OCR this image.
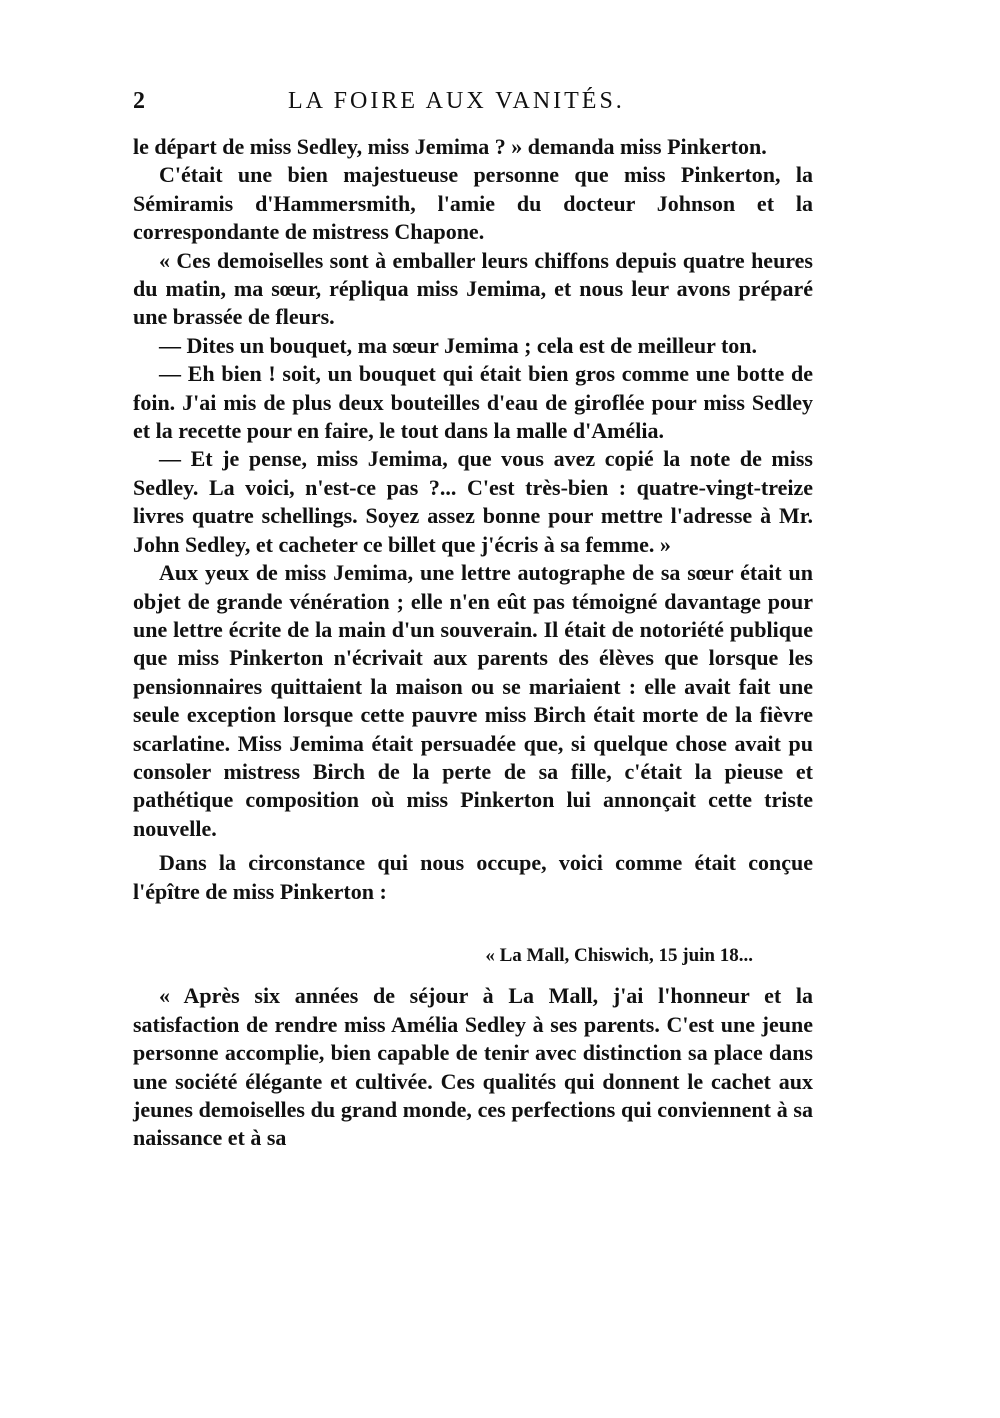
2	LA FOIRE AUX VANITÉS.

le départ de miss Sedley, miss Jemima ? » demanda miss Pinkerton.

C'était une bien majestueuse personne que miss Pinkerton, la Sémiramis d'Hammersmith, l'amie du docteur Johnson et la correspondante de mistress Chapone.

« Ces demoiselles sont à emballer leurs chiffons depuis quatre heures du matin, ma sœur, répliqua miss Jemima, et nous leur avons préparé une brassée de fleurs.

— Dites un bouquet, ma sœur Jemima ; cela est de meilleur ton.

— Eh bien ! soit, un bouquet qui était bien gros comme une botte de foin. J'ai mis de plus deux bouteilles d'eau de giroflée pour miss Sedley et la recette pour en faire, le tout dans la malle d'Amélia.

— Et je pense, miss Jemima, que vous avez copié la note de miss Sedley. La voici, n'est-ce pas ?... C'est très-bien : quatre-vingt-treize livres quatre schellings. Soyez assez bonne pour mettre l'adresse à Mr. John Sedley, et cacheter ce billet que j'écris à sa femme. »

Aux yeux de miss Jemima, une lettre autographe de sa sœur était un objet de grande vénération ; elle n'en eût pas témoigné davantage pour une lettre écrite de la main d'un souverain. Il était de notoriété publique que miss Pinkerton n'écrivait aux parents des élèves que lorsque les pensionnaires quittaient la maison ou se mariaient : elle avait fait une seule exception lorsque cette pauvre miss Birch était morte de la fièvre scarlatine. Miss Jemima était persuadée que, si quelque chose avait pu consoler mistress Birch de la perte de sa fille, c'était la pieuse et pathétique composition où miss Pinkerton lui annonçait cette triste nouvelle.

Dans la circonstance qui nous occupe, voici comme était conçue l'épître de miss Pinkerton :

« La Mall, Chiswich, 15 juin 18...

« Après six années de séjour à La Mall, j'ai l'honneur et la satisfaction de rendre miss Amélia Sedley à ses parents. C'est une jeune personne accomplie, bien capable de tenir avec distinction sa place dans une société élégante et cultivée. Ces qualités qui donnent le cachet aux jeunes demoiselles du grand monde, ces perfections qui conviennent à sa naissance et à sa
